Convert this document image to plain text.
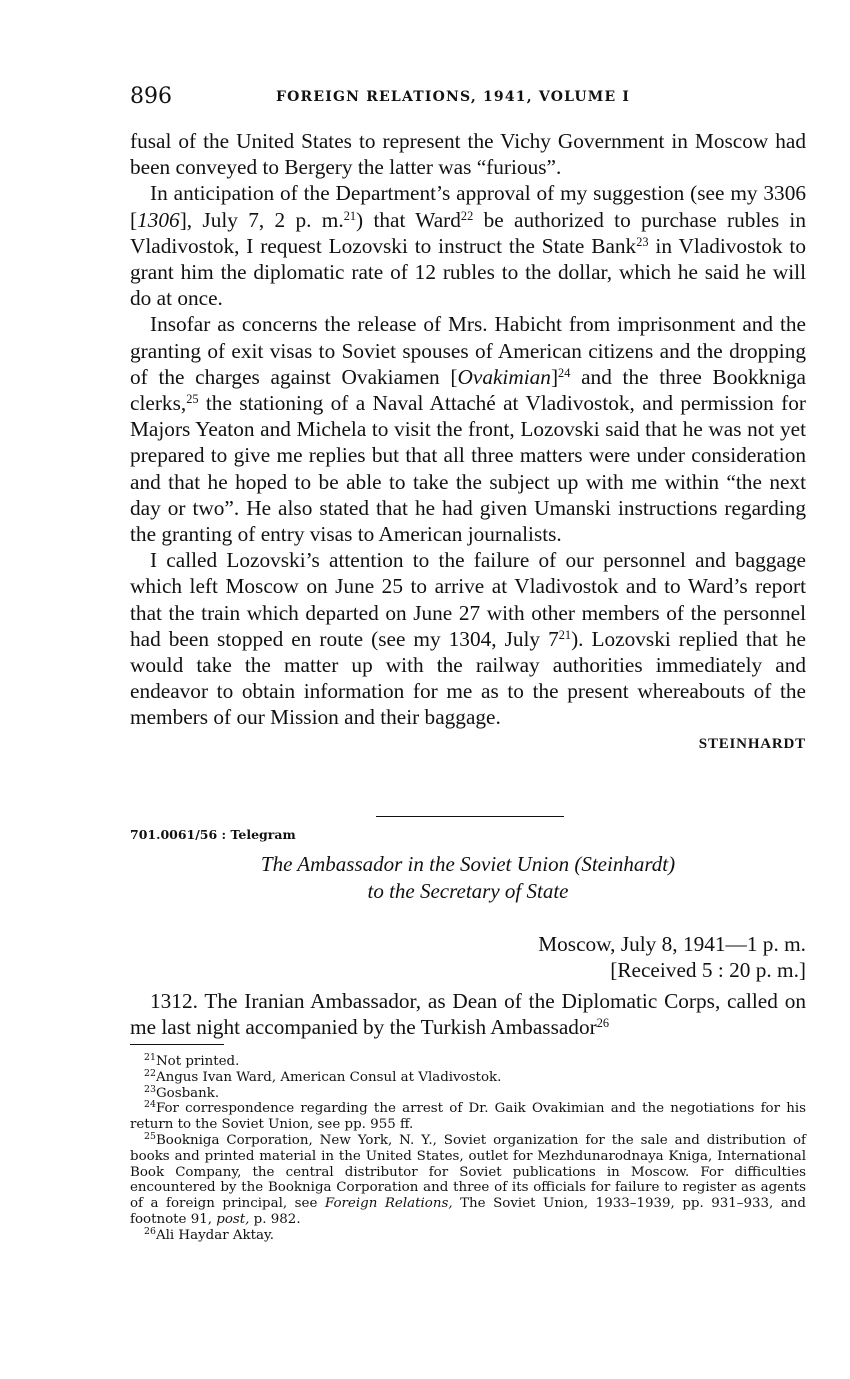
896	FOREIGN RELATIONS, 1941, VOLUME I

fusal of the United States to represent the Vichy Government in Moscow had been conveyed to Bergery the latter was “furious”.

In anticipation of the Department’s approval of my suggestion (see my 3306 [1306], July 7, 2 p. m.$^{21}$) that Ward$^{22}$ be authorized to purchase rubles in Vladivostok, I request Lozovski to instruct the State Bank$^{23}$ in Vladivostok to grant him the diplomatic rate of 12 rubles to the dollar, which he said he will do at once.

Insofar as concerns the release of Mrs. Habicht from imprisonment and the granting of exit visas to Soviet spouses of American citizens and the dropping of the charges against Ovakiamen [Ovakimian]$^{24}$ and the three Bookkniga clerks,$^{25}$ the stationing of a Naval Attaché at Vladivostok, and permission for Majors Yeaton and Michela to visit the front, Lozovski said that he was not yet prepared to give me replies but that all three matters were under consideration and that he hoped to be able to take the subject up with me within “the next day or two”. He also stated that he had given Umanski instructions regarding the granting of entry visas to American journalists.

I called Lozovski’s attention to the failure of our personnel and baggage which left Moscow on June 25 to arrive at Vladivostok and to Ward’s report that the train which departed on June 27 with other members of the personnel had been stopped en route (see my 1304, July $7^{21}$). Lozovski replied that he would take the matter up with the railway authorities immediately and endeavor to obtain information for me as to the present whereabouts of the members of our Mission and their baggage.

STEINHARDT

701.0061/56 : Telegram
The Ambassador in the Soviet Union (Steinhardt)
to the Secretary of State
Moscow, July 8, 1941—1 p. m.
[Received 5 : 20 p. m.]

1312. The Iranian Ambassador, as Dean of the Diplomatic Corps, called on me last night accompanied by the Turkish Ambassador$^{26}$

$^{21}$Not printed.

$^{22}$Angus Ivan Ward, American Consul at Vladivostok.

$^{23}$Gosbank.

$^{24}$For correspondence regarding the arrest of Dr. Gaik Ovakimian and the negotiations for his return to the Soviet Union, see pp. 955 ff.

$^{25}$Bookniga Corporation, New York, N. Y., Soviet organization for the sale and distribution of books and printed material in the United States, outlet for Mezhdunarodnaya Kniga, International Book Company, the central distributor for Soviet publications in Moscow. For difficulties encountered by the Bookniga Corporation and three of its officials for failure to register as agents of a foreign principal, see Foreign Relations, The Soviet Union, 1933–1939, pp. 931–933, and footnote 91, post, p. 982.

$^{26}$Ali Haydar Aktay.
